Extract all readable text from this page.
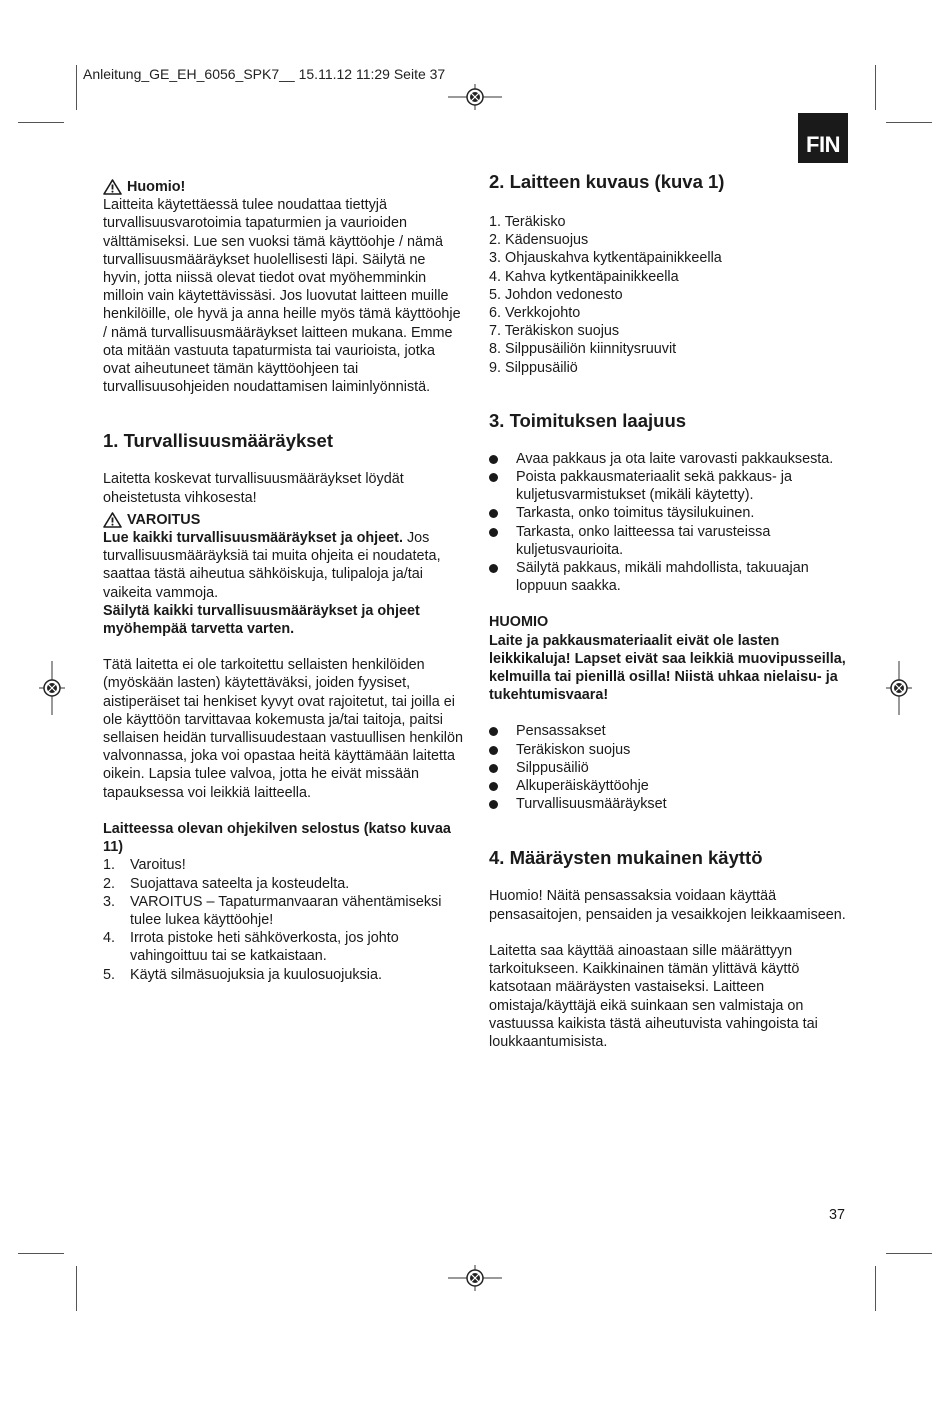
Anleitung_GE_EH_6056_SPK7__ 15.11.12 11:29 Seite 37
FIN
Huomio!

Laitteita käytettäessä tulee noudattaa tiettyjä turvallisuusvarotoimia tapaturmien ja vaurioiden välttämiseksi. Lue sen vuoksi tämä käyttöohje / nämä turvallisuusmääräykset huolellisesti läpi. Säilytä ne hyvin, jotta niissä olevat tiedot ovat myöhemminkin milloin vain käytettävissäsi. Jos luovutat laitteen muille henkilöille, ole hyvä ja anna heille myös tämä käyttöohje / nämä turvallisuusmääräykset laitteen mukana. Emme ota mitään vastuuta tapaturmista tai vaurioista, jotka ovat aiheutuneet tämän käyttöohjeen tai turvallisuusohjeiden noudattamisen laiminlyönnistä.

1. Turvallisuusmääräykset

Laitetta koskevat turvallisuusmääräykset löydät oheistetusta vihkosesta!

VAROITUS

Lue kaikki turvallisuusmääräykset ja ohjeet. Jos turvallisuusmääräyksiä tai muita ohjeita ei noudateta, saattaa tästä aiheutua sähköiskuja, tulipaloja ja/tai vaikeita vammoja.

Säilytä kaikki turvallisuusmääräykset ja ohjeet myöhempää tarvetta varten.

Tätä laitetta ei ole tarkoitettu sellaisten henkilöiden (myöskään lasten) käytettäväksi, joiden fyysiset, aistiperäiset tai henkiset kyvyt ovat rajoitetut, tai joilla ei ole käyttöön tarvittavaa kokemusta ja/tai taitoja, paitsi sellaisen heidän turvallisuudestaan vastuullisen henkilön valvonnassa, joka voi opastaa heitä käyttämään laitetta oikein. Lapsia tulee valvoa, jotta he eivät missään tapauksessa voi leikkiä laitteella.

Laitteessa olevan ohjekilven selostus (katso kuvaa 11)

1.	Varoitus!
2.	Suojattava sateelta ja kosteudelta.
3.	VAROITUS – Tapaturmanvaaran vähentämiseksi tulee lukea käyttöohje!
4.	Irrota pistoke heti sähköverkosta, jos johto vahingoittuu tai se katkaistaan.
5.	Käytä silmäsuojuksia ja kuulosuojuksia.
2. Laitteen kuvaus (kuva 1)
1. Teräkisko
2. Kädensuojus
3. Ohjauskahva kytkentäpainikkeella
4. Kahva kytkentäpainikkeella
5. Johdon vedonesto
6. Verkkojohto
7. Teräkiskon suojus
8. Silppusäiliön kiinnitysruuvit
9. Silppusäiliö
3. Toimituksen laajuus
Avaa pakkaus ja ota laite varovasti pakkauksesta.
Poista pakkausmateriaalit sekä pakkaus- ja kuljetusvarmistukset (mikäli käytetty).
Tarkasta, onko toimitus täysilukuinen.
Tarkasta, onko laitteessa tai varusteissa kuljetusvaurioita.
Säilytä pakkaus, mikäli mahdollista, takuuajan loppuun saakka.

HUOMIO

Laite ja pakkausmateriaalit eivät ole lasten leikkikaluja! Lapset eivät saa leikkiä muovipusseilla, kelmuilla tai pienillä osilla! Niistä uhkaa nielaisu- ja tukehtumisvaara!

Pensassakset
Teräkiskon suojus
Silppusäiliö
Alkuperäiskäyttöohje
Turvallisuusmääräykset
4. Määräysten mukainen käyttö

Huomio! Näitä pensassaksia voidaan käyttää pensasaitojen, pensaiden ja vesaikkojen leikkaamiseen.

Laitetta saa käyttää ainoastaan sille määrättyyn tarkoitukseen. Kaikkinainen tämän ylittävä käyttö katsotaan määräysten vastaiseksi. Laitteen omistaja/käyttäjä eikä suinkaan sen valmistaja on vastuussa kaikista tästä aiheutuvista vahingoista tai loukkaantumisista.

37
